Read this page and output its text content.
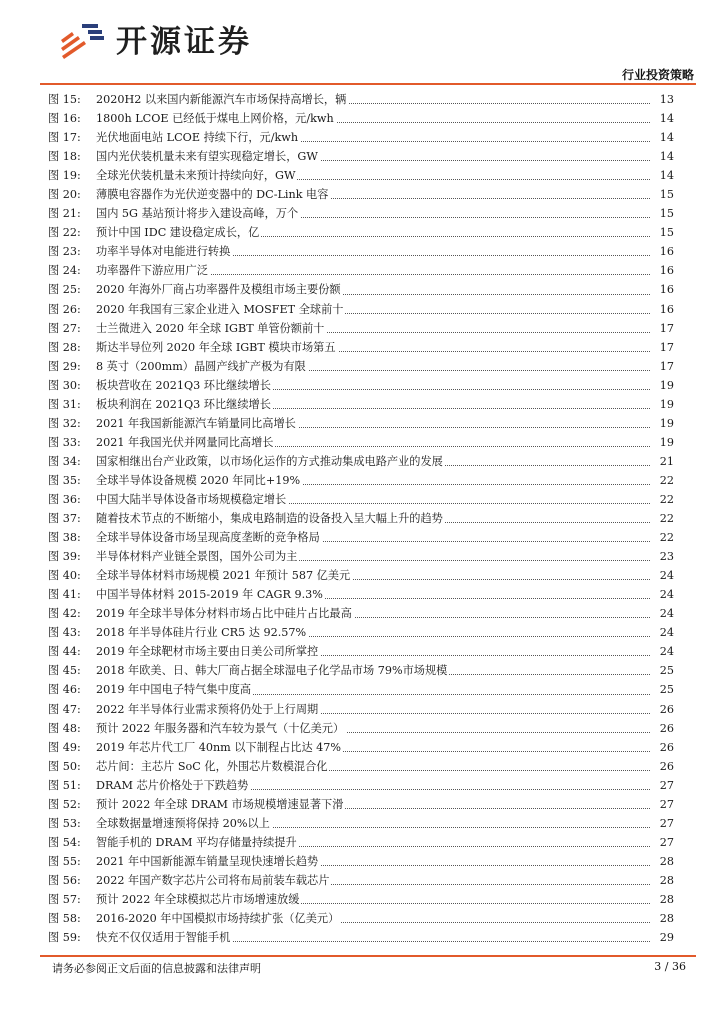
开源证券
行业投资策略
图 15: 2020H2 以来国内新能源汽车市场保持高增长，辆	13
图 16: 1800h LCOE 已经低于煤电上网价格，元/kwh	14
图 17: 光伏地面电站 LCOE 持续下行，元/kwh	14
图 18: 国内光伏装机量未来有望实现稳定增长，GW	14
图 19: 全球光伏装机量未来预计持续向好，GW	14
图 20: 薄膜电容器作为光伏逆变器中的 DC-Link 电容	15
图 21: 国内 5G 基站预计将步入建设高峰，万个	15
图 22: 预计中国 IDC 建设稳定成长，亿	15
图 23: 功率半导体对电能进行转换	16
图 24: 功率器件下游应用广泛	16
图 25: 2020 年海外厂商占功率器件及模组市场主要份额	16
图 26: 2020 年我国有三家企业进入 MOSFET 全球前十	16
图 27: 士兰微进入 2020 年全球 IGBT 单管份额前十	17
图 28: 斯达半导位列 2020 年全球 IGBT 模块市场第五	17
图 29: 8 英寸（200mm）晶圆产线扩产极为有限	17
图 30: 板块营收在 2021Q3 环比继续增长	19
图 31: 板块利润在 2021Q3 环比继续增长	19
图 32: 2021 年我国新能源汽车销量同比高增长	19
图 33: 2021 年我国光伏并网量同比高增长	19
图 34: 国家相继出台产业政策，以市场化运作的方式推动集成电路产业的发展	21
图 35: 全球半导体设备规模 2020 年同比+19%	22
图 36: 中国大陆半导体设备市场规模稳定增长	22
图 37: 随着技术节点的不断缩小，集成电路制造的设备投入呈大幅上升的趋势	22
图 38: 全球半导体设备市场呈现高度垄断的竞争格局	22
图 39: 半导体材料产业链全景图，国外公司为主	23
图 40: 全球半导体材料市场规模 2021 年预计 587 亿美元	24
图 41: 中国半导体材料 2015-2019 年 CAGR 9.3%	24
图 42: 2019 年全球半导体分材料市场占比中硅片占比最高	24
图 43: 2018 年半导体硅片行业 CR5 达 92.57%	24
图 44: 2019 年全球靶材市场主要由日美公司所掌控	24
图 45: 2018 年欧美、日、韩大厂商占据全球湿电子化学品市场 79%市场规模	25
图 46: 2019 年中国电子特气集中度高	25
图 47: 2022 年半导体行业需求预将仍处于上行周期	26
图 48: 预计 2022 年服务器和汽车较为景气（十亿美元）	26
图 49: 2019 年芯片代工厂 40nm 以下制程占比达 47%	26
图 50: 芯片间：主芯片 SoC 化，外围芯片数模混合化	26
图 51: DRAM 芯片价格处于下跌趋势	27
图 52: 预计 2022 年全球 DRAM 市场规模增速显著下滑	27
图 53: 全球数据量增速预将保持 20%以上	27
图 54: 智能手机的 DRAM 平均存储量持续提升	27
图 55: 2021 年中国新能源车销量呈现快速增长趋势	28
图 56: 2022 年国产数字芯片公司将布局前装车载芯片	28
图 57: 预计 2022 年全球模拟芯片市场增速放缓	28
图 58: 2016-2020 年中国模拟市场持续扩张（亿美元）	28
图 59: 快充不仅仅适用于智能手机	29
请务必参阅正文后面的信息披露和法律声明	3 / 36
